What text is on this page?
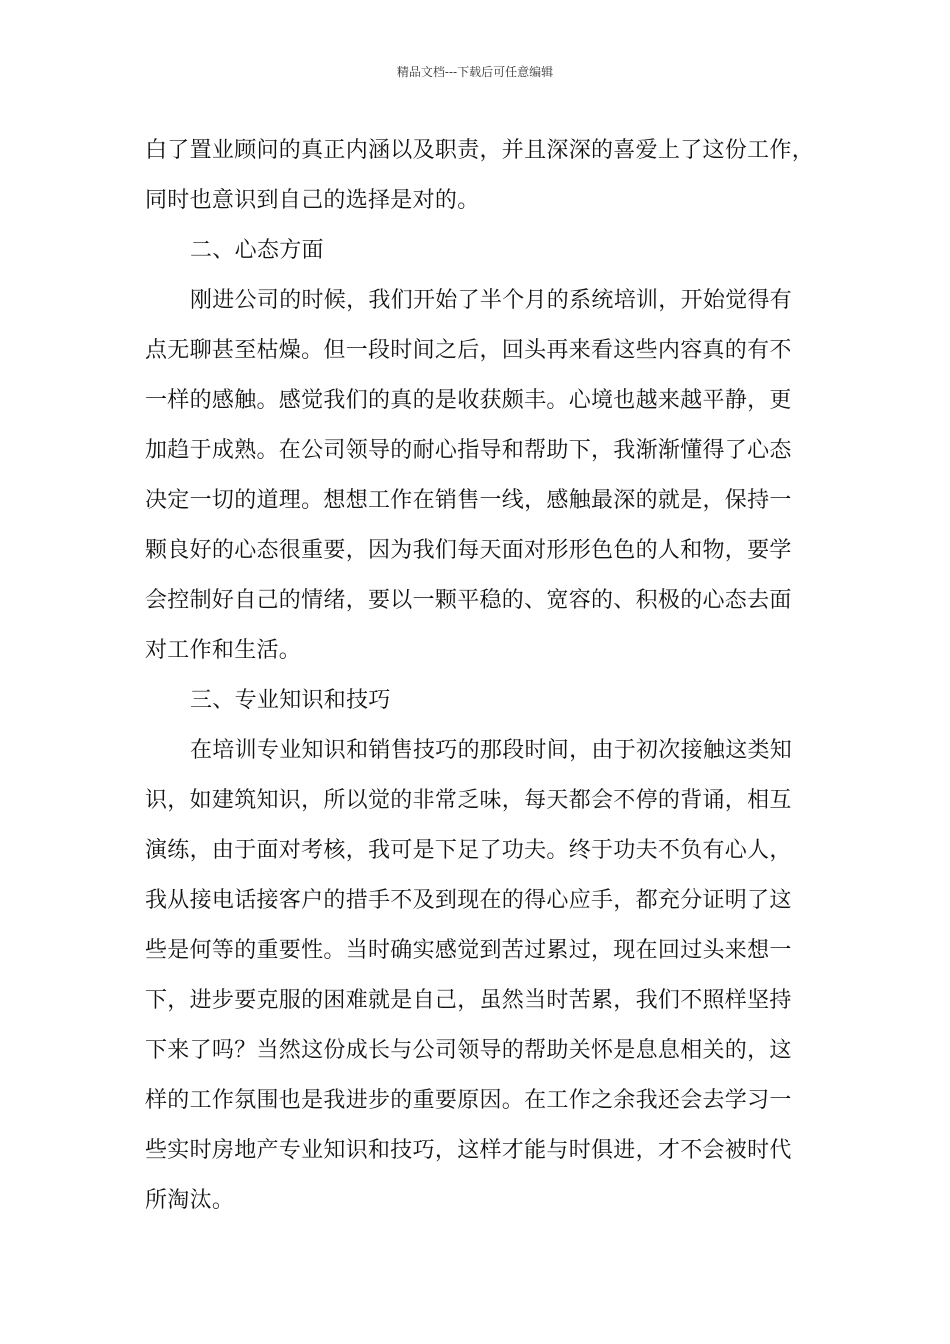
精品文档---下载后可任意编辑
白了置业顾问的真正内涵以及职责，并且深深的喜爱上了这份工作，
同时也意识到自己的选择是对的。
二、心态方面
刚进公司的时候，我们开始了半个月的系统培训，开始觉得有
点无聊甚至枯燥。但一段时间之后，回头再来看这些内容真的有不
一样的感触。感觉我们的真的是收获颇丰。心境也越来越平静，更
加趋于成熟。在公司领导的耐心指导和帮助下，我渐渐懂得了心态
决定一切的道理。想想工作在销售一线，感触最深的就是，保持一
颗良好的心态很重要，因为我们每天面对形形色色的人和物，要学
会控制好自己的情绪，要以一颗平稳的、宽容的、积极的心态去面
对工作和生活。
三、专业知识和技巧
在培训专业知识和销售技巧的那段时间，由于初次接触这类知
识，如建筑知识，所以觉的非常乏味，每天都会不停的背诵，相互
演练，由于面对考核，我可是下足了功夫。终于功夫不负有心人，
我从接电话接客户的措手不及到现在的得心应手，都充分证明了这
些是何等的重要性。当时确实感觉到苦过累过，现在回过头来想一
下，进步要克服的困难就是自己，虽然当时苦累，我们不照样坚持
下来了吗？当然这份成长与公司领导的帮助关怀是息息相关的，这
样的工作氛围也是我进步的重要原因。在工作之余我还会去学习一
些实时房地产专业知识和技巧，这样才能与时俱进，才不会被时代
所淘汰。
